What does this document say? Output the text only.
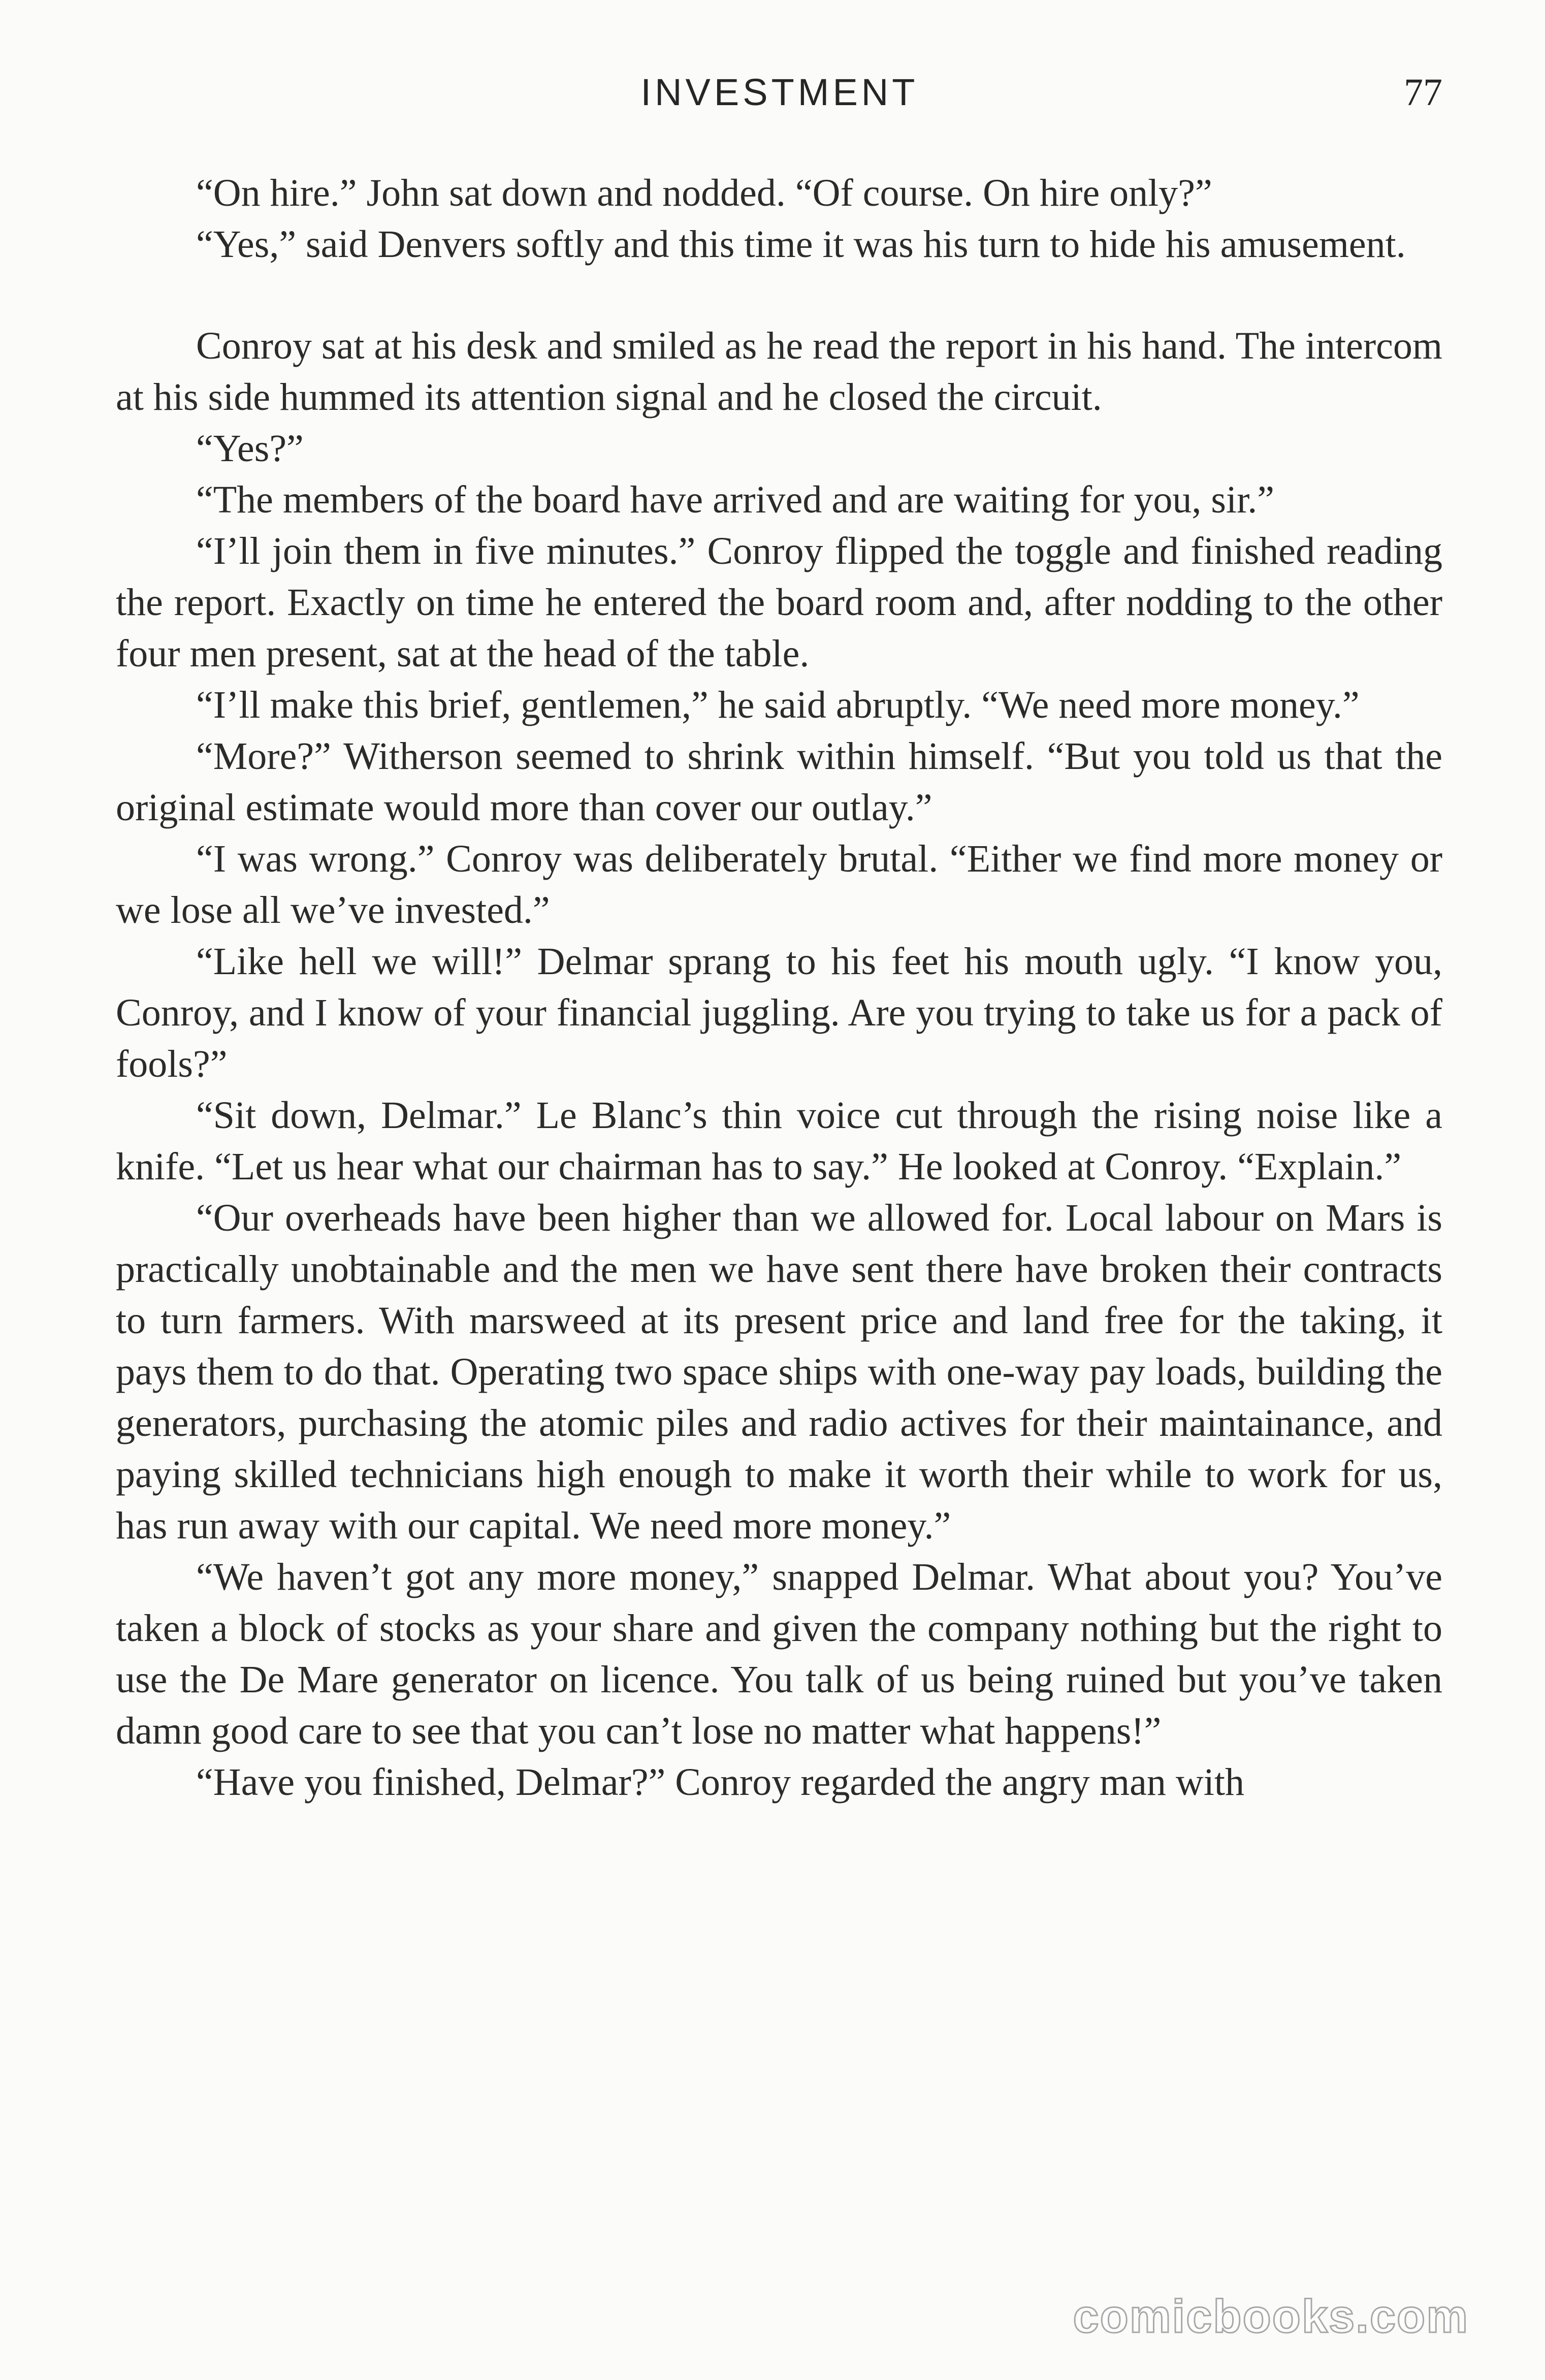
INVESTMENT	77

“On hire.” John sat down and nodded. “Of course. On hire only?”

“Yes,” said Denvers softly and this time it was his turn to hide his amusement.

Conroy sat at his desk and smiled as he read the report in his hand. The intercom at his side hummed its attention signal and he closed the circuit.

“Yes?”

“The members of the board have arrived and are waiting for you, sir.”

“I’ll join them in five minutes.” Conroy flipped the toggle and finished reading the report. Exactly on time he entered the board room and, after nodding to the other four men present, sat at the head of the table.

“I’ll make this brief, gentlemen,” he said abruptly. “We need more money.”

“More?” Witherson seemed to shrink within himself. “But you told us that the original estimate would more than cover our outlay.”

“I was wrong.” Conroy was deliberately brutal. “Either we find more money or we lose all we’ve invested.”

“Like hell we will!” Delmar sprang to his feet his mouth ugly. “I know you, Conroy, and I know of your financial juggling. Are you trying to take us for a pack of fools?”

“Sit down, Delmar.” Le Blanc’s thin voice cut through the rising noise like a knife. “Let us hear what our chairman has to say.” He looked at Conroy. “Explain.”

“Our overheads have been higher than we allowed for. Local labour on Mars is practically unobtainable and the men we have sent there have broken their contracts to turn farmers. With marsweed at its present price and land free for the taking, it pays them to do that. Operating two space ships with one-way pay loads, building the generators, purchasing the atomic piles and radio actives for their maintainance, and paying skilled technicians high enough to make it worth their while to work for us, has run away with our capital. We need more money.”

“We haven’t got any more money,” snapped Delmar. What about you? You’ve taken a block of stocks as your share and given the company nothing but the right to use the De Mare generator on licence. You talk of us being ruined but you’ve taken damn good care to see that you can’t lose no matter what happens!”

“Have you finished, Delmar?” Conroy regarded the angry man with

comicbooks.com
